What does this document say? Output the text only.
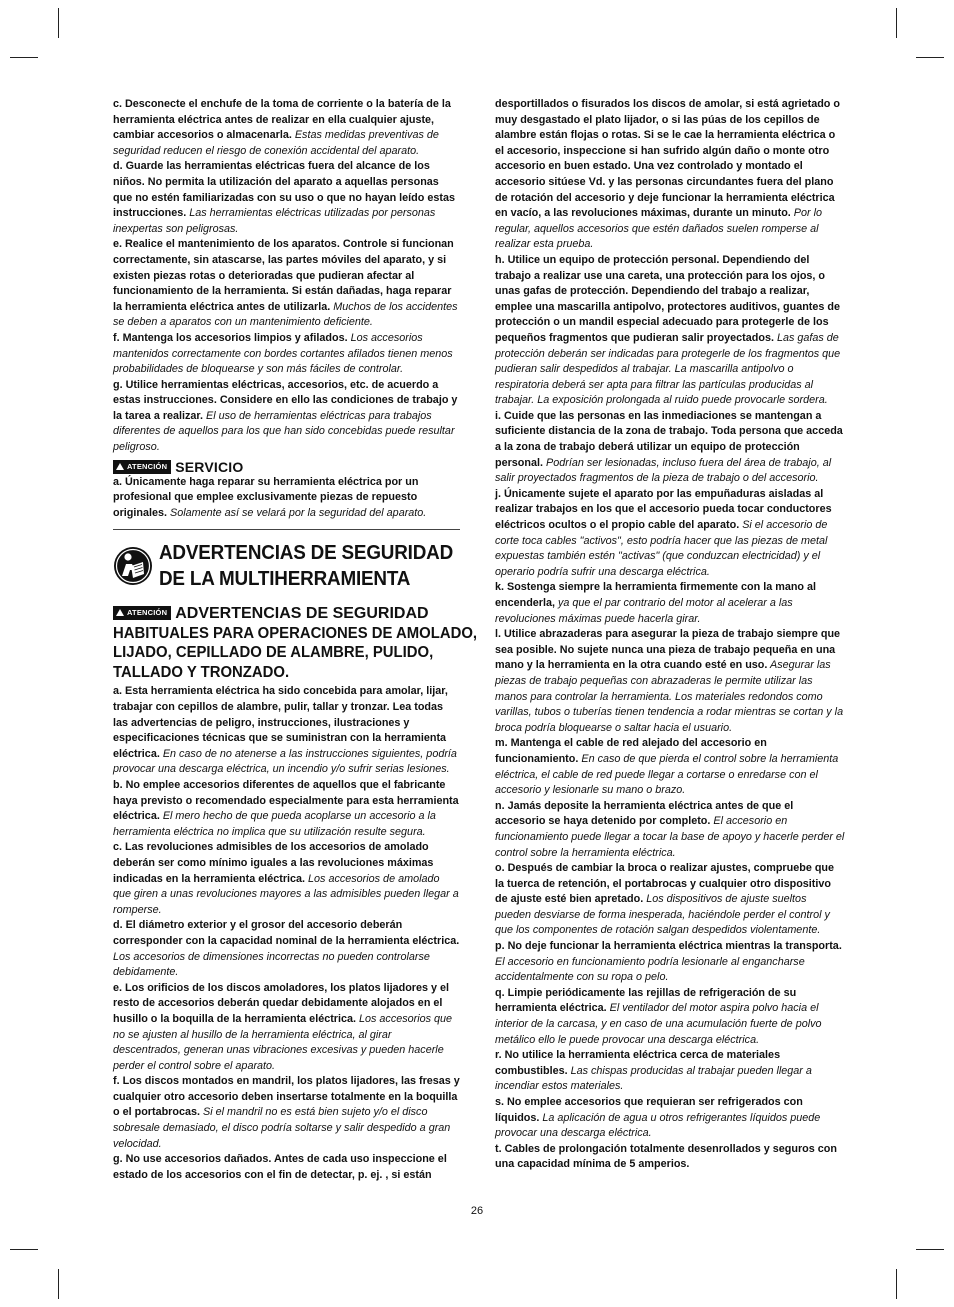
c. Desconecte el enchufe de la toma de corriente o la batería de la herramienta eléctrica antes de realizar en ella cualquier ajuste, cambiar accesorios o almacenarla. Estas medidas preventivas de seguridad reducen el riesgo de conexión accidental del aparato.

d. Guarde las herramientas eléctricas fuera del alcance de los niños. No permita la utilización del aparato a aquellas personas que no estén familiarizadas con su uso o que no hayan leído estas instrucciones. Las herramientas eléctricas utilizadas por personas inexpertas son peligrosas.

e. Realice el mantenimiento de los aparatos. Controle si funcionan correctamente, sin atascarse, las partes móviles del aparato, y si existen piezas rotas o deterioradas que pudieran afectar al funcionamiento de la herramienta. Si están dañadas, haga reparar la herramienta eléctrica antes de utilizarla. Muchos de los accidentes se deben a aparatos con un mantenimiento deficiente.

f. Mantenga los accesorios limpios y afilados. Los accesorios mantenidos correctamente con bordes cortantes afilados tienen menos probabilidades de bloquearse y son más fáciles de controlar.

g. Utilice herramientas eléctricas, accesorios, etc. de acuerdo a estas instrucciones. Considere en ello las condiciones de trabajo y la tarea a realizar. El uso de herramientas eléctricas para trabajos diferentes de aquellos para los que han sido concebidas puede resultar peligroso.

ATENCIÓN SERVICIO

a. Únicamente haga reparar su herramienta eléctrica por un profesional que emplee exclusivamente piezas de repuesto originales. Solamente así se velará por la seguridad del aparato.

ADVERTENCIAS DE SEGURIDAD
DE LA MULTIHERRAMIENTA
ATENCIÓN ADVERTENCIAS DE SEGURIDAD
HABITUALES PARA OPERACIONES DE AMOLADO,
LIJADO, CEPILLADO DE ALAMBRE, PULIDO,
TALLADO Y TRONZADO.

a. Esta herramienta eléctrica ha sido concebida para amolar, lijar, trabajar con cepillos de alambre, pulir, tallar y tronzar. Lea todas las advertencias de peligro, instrucciones, ilustraciones y especificaciones técnicas que se suministran con la herramienta eléctrica. En caso de no atenerse a las instrucciones siguientes, podría provocar una descarga eléctrica, un incendio y/o sufrir serias lesiones.

b. No emplee accesorios diferentes de aquellos que el fabricante haya previsto o recomendado especialmente para esta herramienta eléctrica. El mero hecho de que pueda acoplarse un accesorio a la herramienta eléctrica no implica que su utilización resulte segura.

c. Las revoluciones admisibles de los accesorios de amolado deberán ser como mínimo iguales a las revoluciones máximas indicadas en la herramienta eléctrica. Los accesorios de amolado que giren a unas revoluciones mayores a las admisibles pueden llegar a romperse.

d. El diámetro exterior y el grosor del accesorio deberán corresponder con la capacidad nominal de la herramienta eléctrica. Los accesorios de dimensiones incorrectas no pueden controlarse debidamente.

e. Los orificios de los discos amoladores, los platos lijadores y el resto de accesorios deberán quedar debidamente alojados en el husillo o la boquilla de la herramienta eléctrica. Los accesorios que no se ajusten al husillo de la herramienta eléctrica, al girar descentrados, generan unas vibraciones excesivas y pueden hacerle perder el control sobre el aparato.

f. Los discos montados en mandril, los platos lijadores, las fresas y cualquier otro accesorio deben insertarse totalmente en la boquilla o el portabrocas. Si el mandril no es está bien sujeto y/o el disco sobresale demasiado, el disco podría soltarse y salir despedido a gran velocidad.

g. No use accesorios dañados. Antes de cada uso inspeccione el estado de los accesorios con el fin de detectar, p. ej. , si están

desportillados o fisurados los discos de amolar, si está agrietado o muy desgastado el plato lijador, o si las púas de los cepillos de alambre están flojas o rotas. Si se le cae la herramienta eléctrica o el accesorio, inspeccione si han sufrido algún daño o monte otro accesorio en buen estado. Una vez controlado y montado el accesorio sitúese Vd. y las personas circundantes fuera del plano de rotación del accesorio y deje funcionar la herramienta eléctrica en vacío, a las revoluciones máximas, durante un minuto. Por lo regular, aquellos accesorios que estén dañados suelen romperse al realizar esta prueba.

h. Utilice un equipo de protección personal. Dependiendo del trabajo a realizar use una careta, una protección para los ojos, o unas gafas de protección. Dependiendo del trabajo a realizar, emplee una mascarilla antipolvo, protectores auditivos, guantes de protección o un mandil especial adecuado para protegerle de los pequeños fragmentos que pudieran salir proyectados. Las gafas de protección deberán ser indicadas para protegerle de los fragmentos que pudieran salir despedidos al trabajar. La mascarilla antipolvo o respiratoria deberá ser apta para filtrar las partículas producidas al trabajar. La exposición prolongada al ruido puede provocarle sordera.

i. Cuide que las personas en las inmediaciones se mantengan a suficiente distancia de la zona de trabajo. Toda persona que acceda a la zona de trabajo deberá utilizar un equipo de protección personal. Podrían ser lesionadas, incluso fuera del área de trabajo, al salir proyectados fragmentos de la pieza de trabajo o del accesorio.

j. Únicamente sujete el aparato por las empuñaduras aisladas al realizar trabajos en los que el accesorio pueda tocar conductores eléctricos ocultos o el propio cable del aparato. Si el accesorio de corte toca cables "activos", esto podría hacer que las piezas de metal expuestas también estén "activas" (que conduzcan electricidad) y el operario podría sufrir una descarga eléctrica.

k. Sostenga siempre la herramienta firmemente con la mano al encenderla, ya que el par contrario del motor al acelerar a las revoluciones máximas puede hacerla girar.

l. Utilice abrazaderas para asegurar la pieza de trabajo siempre que sea posible. No sujete nunca una pieza de trabajo pequeña en una mano y la herramienta en la otra cuando esté en uso. Asegurar las piezas de trabajo pequeñas con abrazaderas le permite utilizar las manos para controlar la herramienta. Los materiales redondos como varillas, tubos o tuberías tienen tendencia a rodar mientras se cortan y la broca podría bloquearse o saltar hacia el usuario.

m. Mantenga el cable de red alejado del accesorio en funcionamiento. En caso de que pierda el control sobre la herramienta eléctrica, el cable de red puede llegar a cortarse o enredarse con el accesorio y lesionarle su mano o brazo.

n. Jamás deposite la herramienta eléctrica antes de que el accesorio se haya detenido por completo. El accesorio en funcionamiento puede llegar a tocar la base de apoyo y hacerle perder el control sobre la herramienta eléctrica.

o. Después de cambiar la broca o realizar ajustes, compruebe que la tuerca de retención, el portabrocas y cualquier otro dispositivo de ajuste esté bien apretado. Los dispositivos de ajuste sueltos pueden desviarse de forma inesperada, haciéndole perder el control y que los componentes de rotación salgan despedidos violentamente.

p. No deje funcionar la herramienta eléctrica mientras la transporta. El accesorio en funcionamiento podría lesionarle al engancharse accidentalmente con su ropa o pelo.

q. Limpie periódicamente las rejillas de refrigeración de su herramienta eléctrica. El ventilador del motor aspira polvo hacia el interior de la carcasa, y en caso de una acumulación fuerte de polvo metálico ello le puede provocar una descarga eléctrica.

r. No utilice la herramienta eléctrica cerca de materiales combustibles. Las chispas producidas al trabajar pueden llegar a incendiar estos materiales.

s. No emplee accesorios que requieran ser refrigerados con líquidos. La aplicación de agua u otros refrigerantes líquidos puede provocar una descarga eléctrica.

t. Cables de prolongación totalmente desenrollados y seguros con una capacidad mínima de 5 amperios.

26
